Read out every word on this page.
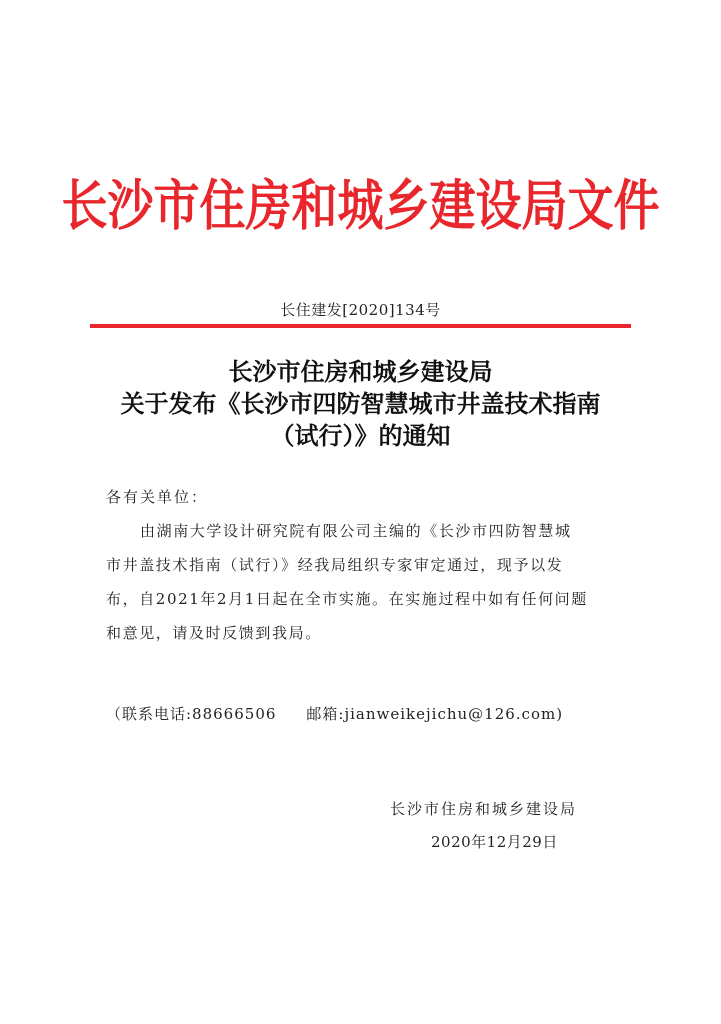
长沙市住房和城乡建设局文件
长住建发[2020]134号
长沙市住房和城乡建设局
关于发布《长沙市四防智慧城市井盖技术指南
（试行）》的通知
各有关单位：
由湖南大学设计研究院有限公司主编的《长沙市四防智慧城
市井盖技术指南（试行）》经我局组织专家审定通过，现予以发
布，自2021年2月1日起在全市实施。在实施过程中如有任何问题
和意见，请及时反馈到我局。
（联系电话:88666506 邮箱:jianweikejichu@126.com)
长沙市住房和城乡建设局
2020年12月29日
